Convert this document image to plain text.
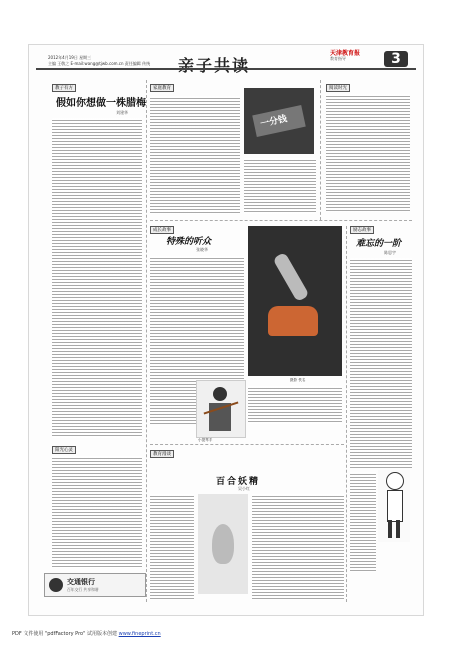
2012年4月19日 星期三
主编 王敬之 E-mail:wang@tjwb.com.cn 责任编辑 传统	亲子共读
天津教育报
教育指导	3
教子有方
假如你想做一株腊梅
刘建华
阳光心灵
交通银行
百年交行 共享和谐
家庭教育
一分钱
阅读时光
成长故事
特殊的听众
张晓华
摄影 佚名
小提琴手
励志故事
难忘的一阶
陈思宇
教育漫谈
百合妖精
吴小红
PDF 文件使用 "pdfFactory Pro" 试用版本创建 www.fineprint.cn
